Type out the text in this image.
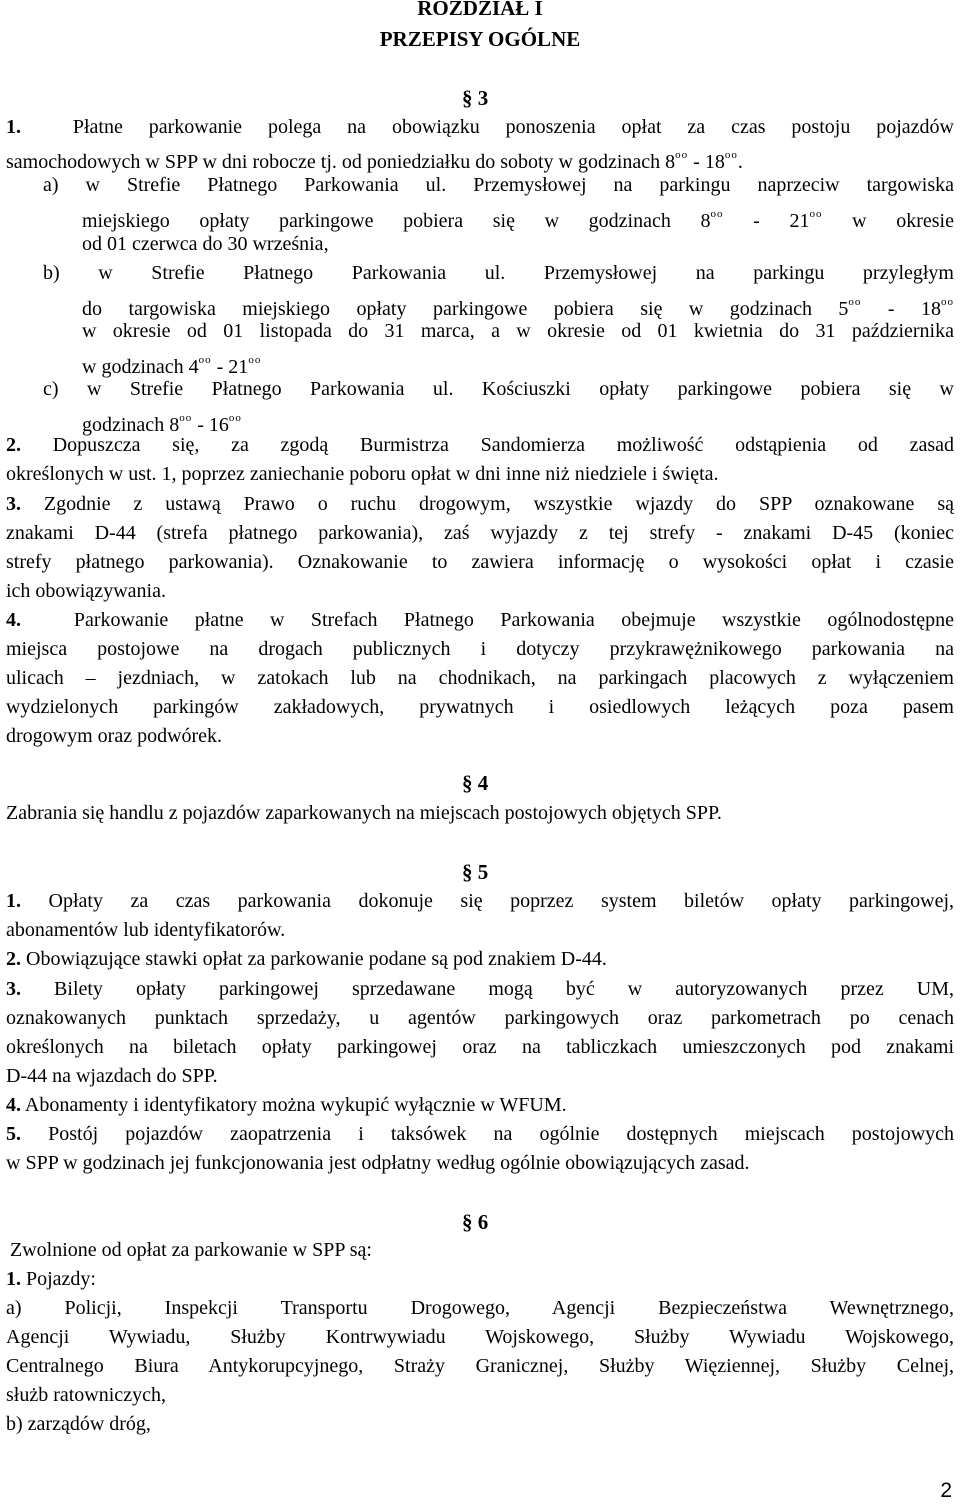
ROZDZIAŁ I
PRZEPISY OGÓLNE
§ 3
1.	Płatne parkowanie polega na obowiązku ponoszenia opłat za czas postoju pojazdów
samochodowych w SPP w dni robocze tj. od poniedziałku do soboty w godzinach $8^{oo} - 18^{oo}$.
a) w Strefie Płatnego Parkowania ul. Przemysłowej na parkingu naprzeciw targowiska
miejskiego opłaty parkingowe pobiera się w godzinach $8^{oo} - 21^{oo}$ w okresie
od 01 czerwca do 30 września,
b) w Strefie Płatnego Parkowania ul. Przemysłowej na parkingu przyległym
do targowiska miejskiego opłaty parkingowe pobiera się w godzinach $5^{oo} - 18^{oo}$
w okresie od 01 listopada do 31 marca, a w okresie od 01 kwietnia do 31 października
w godzinach $4^{oo} - 21^{oo}$
c) w Strefie Płatnego Parkowania ul. Kościuszki opłaty parkingowe pobiera się w
godzinach $8^{oo} - 16^{oo}$
2. Dopuszcza się, za zgodą Burmistrza Sandomierza możliwość odstąpienia od zasad
określonych w ust. 1, poprzez zaniechanie poboru opłat w dni inne niż niedziele i święta.
3. Zgodnie z ustawą Prawo o ruchu drogowym, wszystkie wjazdy do SPP oznakowane są
znakami D-44 (strefa płatnego parkowania), zaś wyjazdy z tej strefy - znakami D-45 (koniec
strefy płatnego parkowania). Oznakowanie to zawiera informację o wysokości opłat i czasie
ich obowiązywania.
4.	Parkowanie płatne w Strefach Płatnego Parkowania obejmuje wszystkie ogólnodostępne
miejsca postojowe na drogach publicznych i dotyczy przykrawężnikowego parkowania na
ulicach – jezdniach, w zatokach lub na chodnikach, na parkingach placowych z wyłączeniem
wydzielonych parkingów zakładowych, prywatnych i osiedlowych leżących poza pasem
drogowym oraz podwórek.
§ 4
Zabrania się handlu z pojazdów zaparkowanych na miejscach postojowych objętych SPP.
§ 5
1. Opłaty za czas parkowania dokonuje się poprzez system biletów opłaty parkingowej,
abonamentów lub identyfikatorów.
2. Obowiązujące stawki opłat za parkowanie podane są pod znakiem D-44.
3. Bilety opłaty parkingowej sprzedawane mogą być w autoryzowanych przez UM,
oznakowanych punktach sprzedaży, u agentów parkingowych oraz parkometrach po cenach
określonych na biletach opłaty parkingowej oraz na tabliczkach umieszczonych pod znakami
D-44 na wjazdach do SPP.
4. Abonamenty i identyfikatory można wykupić wyłącznie w WFUM.
5. Postój pojazdów zaopatrzenia i taksówek na ogólnie dostępnych miejscach postojowych
w SPP w godzinach jej funkcjonowania jest odpłatny według ogólnie obowiązujących zasad.
§ 6
Zwolnione od opłat za parkowanie w SPP są:
1. Pojazdy:
a) Policji, Inspekcji Transportu Drogowego, Agencji Bezpieczeństwa Wewnętrznego,
Agencji Wywiadu, Służby Kontrwywiadu Wojskowego, Służby Wywiadu Wojskowego,
Centralnego Biura Antykorupcyjnego, Straży Granicznej, Służby Więziennej, Służby Celnej,
służb ratowniczych,
b) zarządów dróg,
2
